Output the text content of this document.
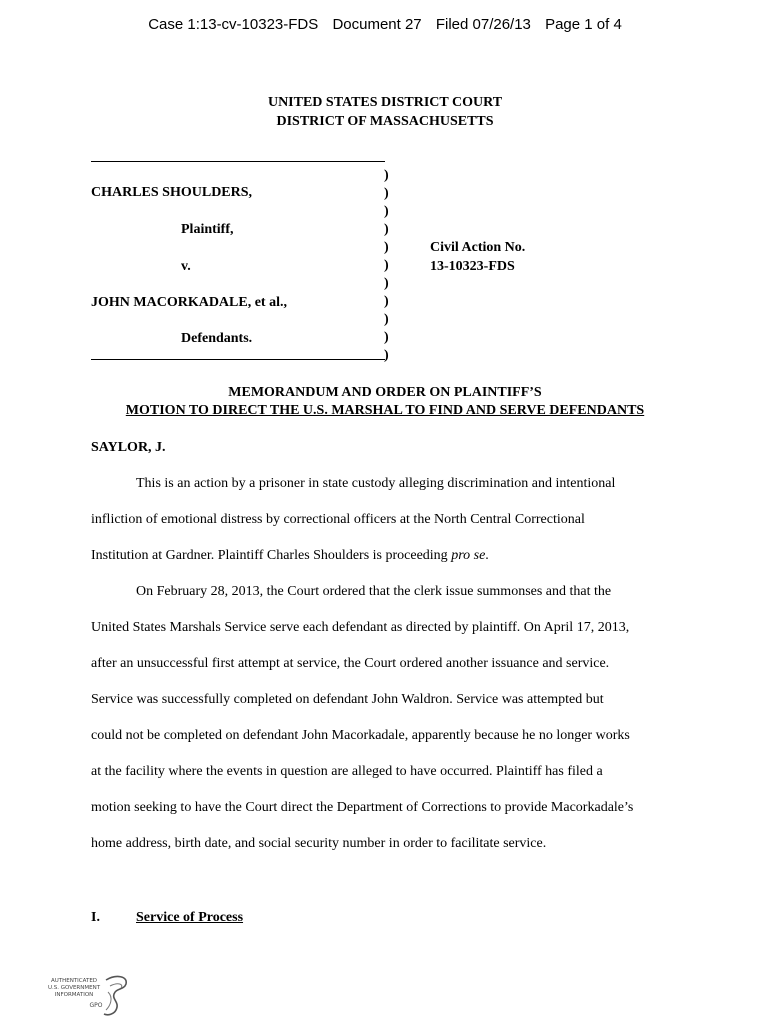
Case 1:13-cv-10323-FDS Document 27 Filed 07/26/13 Page 1 of 4
UNITED STATES DISTRICT COURT
DISTRICT OF MASSACHUSETTS
CHARLES SHOULDERS,
Plaintiff,
v.
JOHN MACORKADALE, et al.,
Defendants.
Civil Action No.
13-10323-FDS
)
)
)
)
)
)
)
)
)
)
)
MEMORANDUM AND ORDER ON PLAINTIFF’S
MOTION TO DIRECT THE U.S. MARSHAL TO FIND AND SERVE DEFENDANTS
SAYLOR, J.
This is an action by a prisoner in state custody alleging discrimination and intentional
infliction of emotional distress by correctional officers at the North Central Correctional
Institution at Gardner. Plaintiff Charles Shoulders is proceeding pro se.
On February 28, 2013, the Court ordered that the clerk issue summonses and that the
United States Marshals Service serve each defendant as directed by plaintiff. On April 17, 2013,
after an unsuccessful first attempt at service, the Court ordered another issuance and service.
Service was successfully completed on defendant John Waldron. Service was attempted but
could not be completed on defendant John Macorkadale, apparently because he no longer works
at the facility where the events in question are alleged to have occurred. Plaintiff has filed a
motion seeking to have the Court direct the Department of Corrections to provide Macorkadale’s
home address, birth date, and social security number in order to facilitate service.
I.	Service of Process
AUTHENTICATED
U.S. GOVERNMENT
INFORMATION
GPO
